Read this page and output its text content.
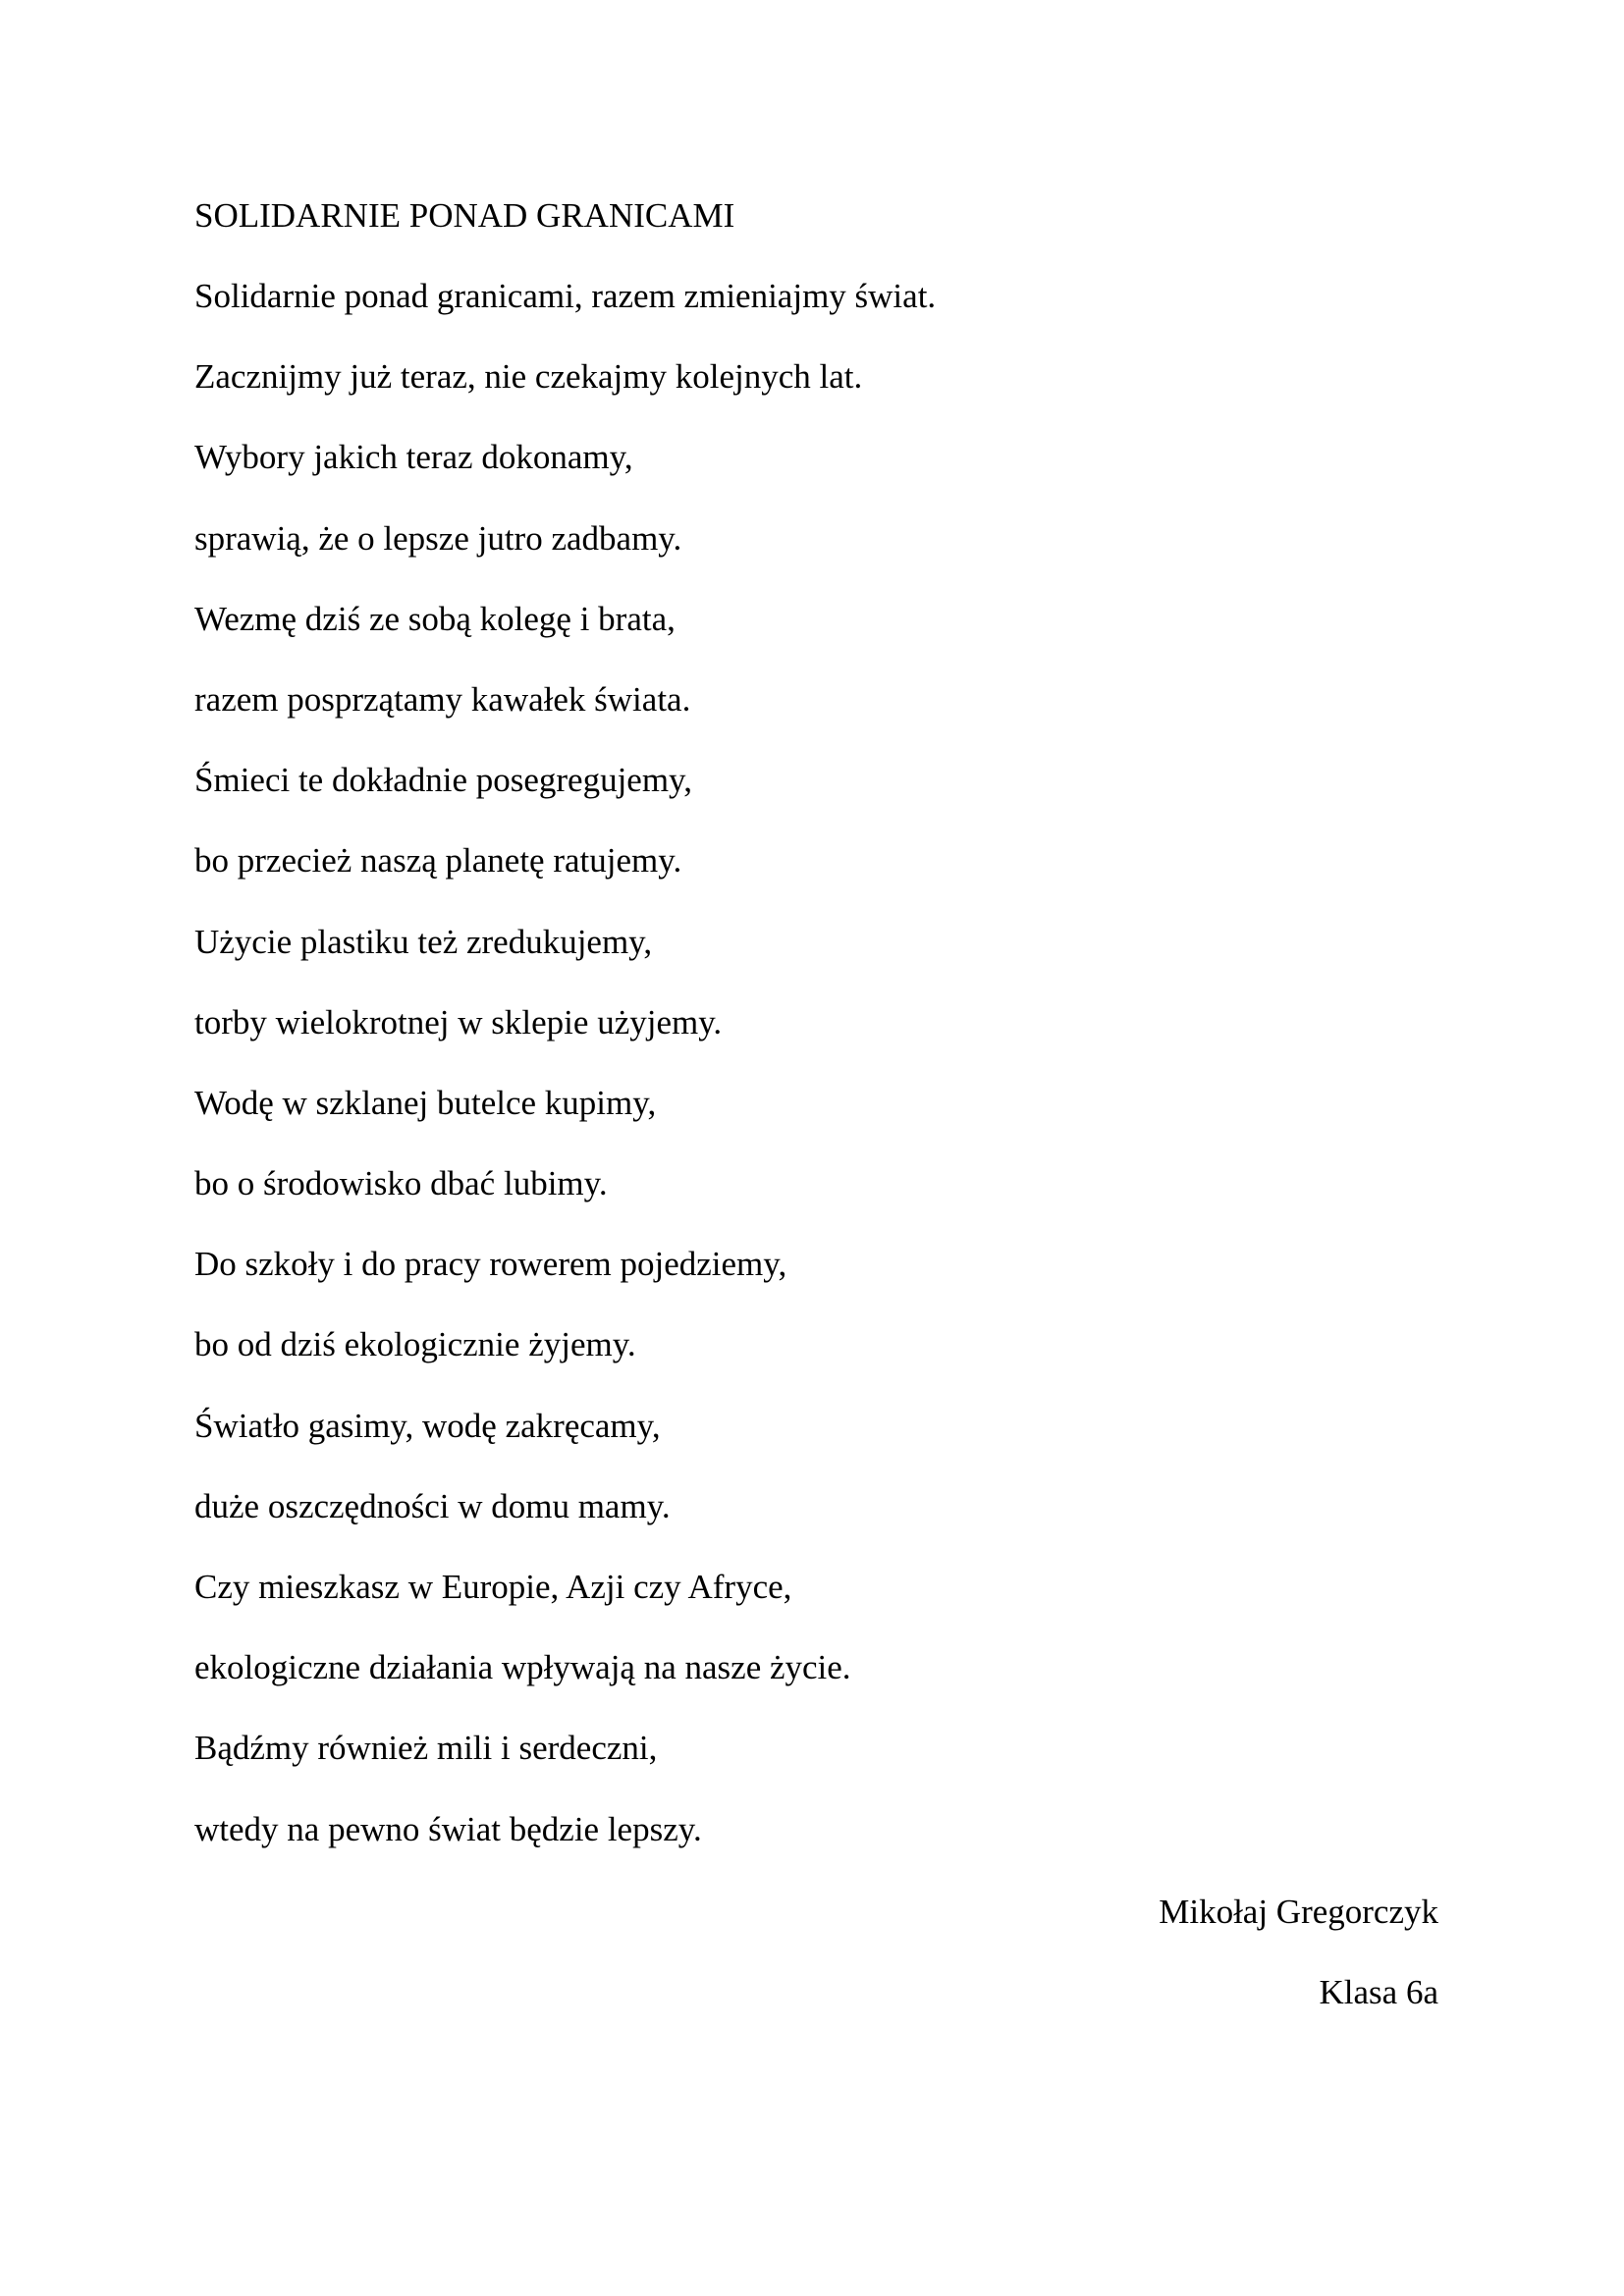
SOLIDARNIE PONAD GRANICAMI
Solidarnie ponad granicami, razem zmieniajmy świat.
Zacznijmy już teraz, nie czekajmy kolejnych lat.
Wybory jakich teraz dokonamy,
sprawią, że o lepsze jutro zadbamy.
Wezmę dziś ze sobą kolegę i brata,
razem posprzątamy kawałek świata.
Śmieci te dokładnie posegregujemy,
bo przecież naszą planetę ratujemy.
Użycie plastiku też zredukujemy,
torby wielokrotnej w sklepie użyjemy.
Wodę w szklanej butelce kupimy,
bo o środowisko dbać lubimy.
Do szkoły i do pracy rowerem pojedziemy,
bo od dziś ekologicznie żyjemy.
Światło gasimy, wodę zakręcamy,
duże oszczędności w domu mamy.
Czy mieszkasz w Europie, Azji czy Afryce,
ekologiczne działania wpływają na nasze życie.
Bądźmy również mili i serdeczni,
wtedy na pewno świat będzie lepszy.
Mikołaj Gregorczyk
Klasa 6a
